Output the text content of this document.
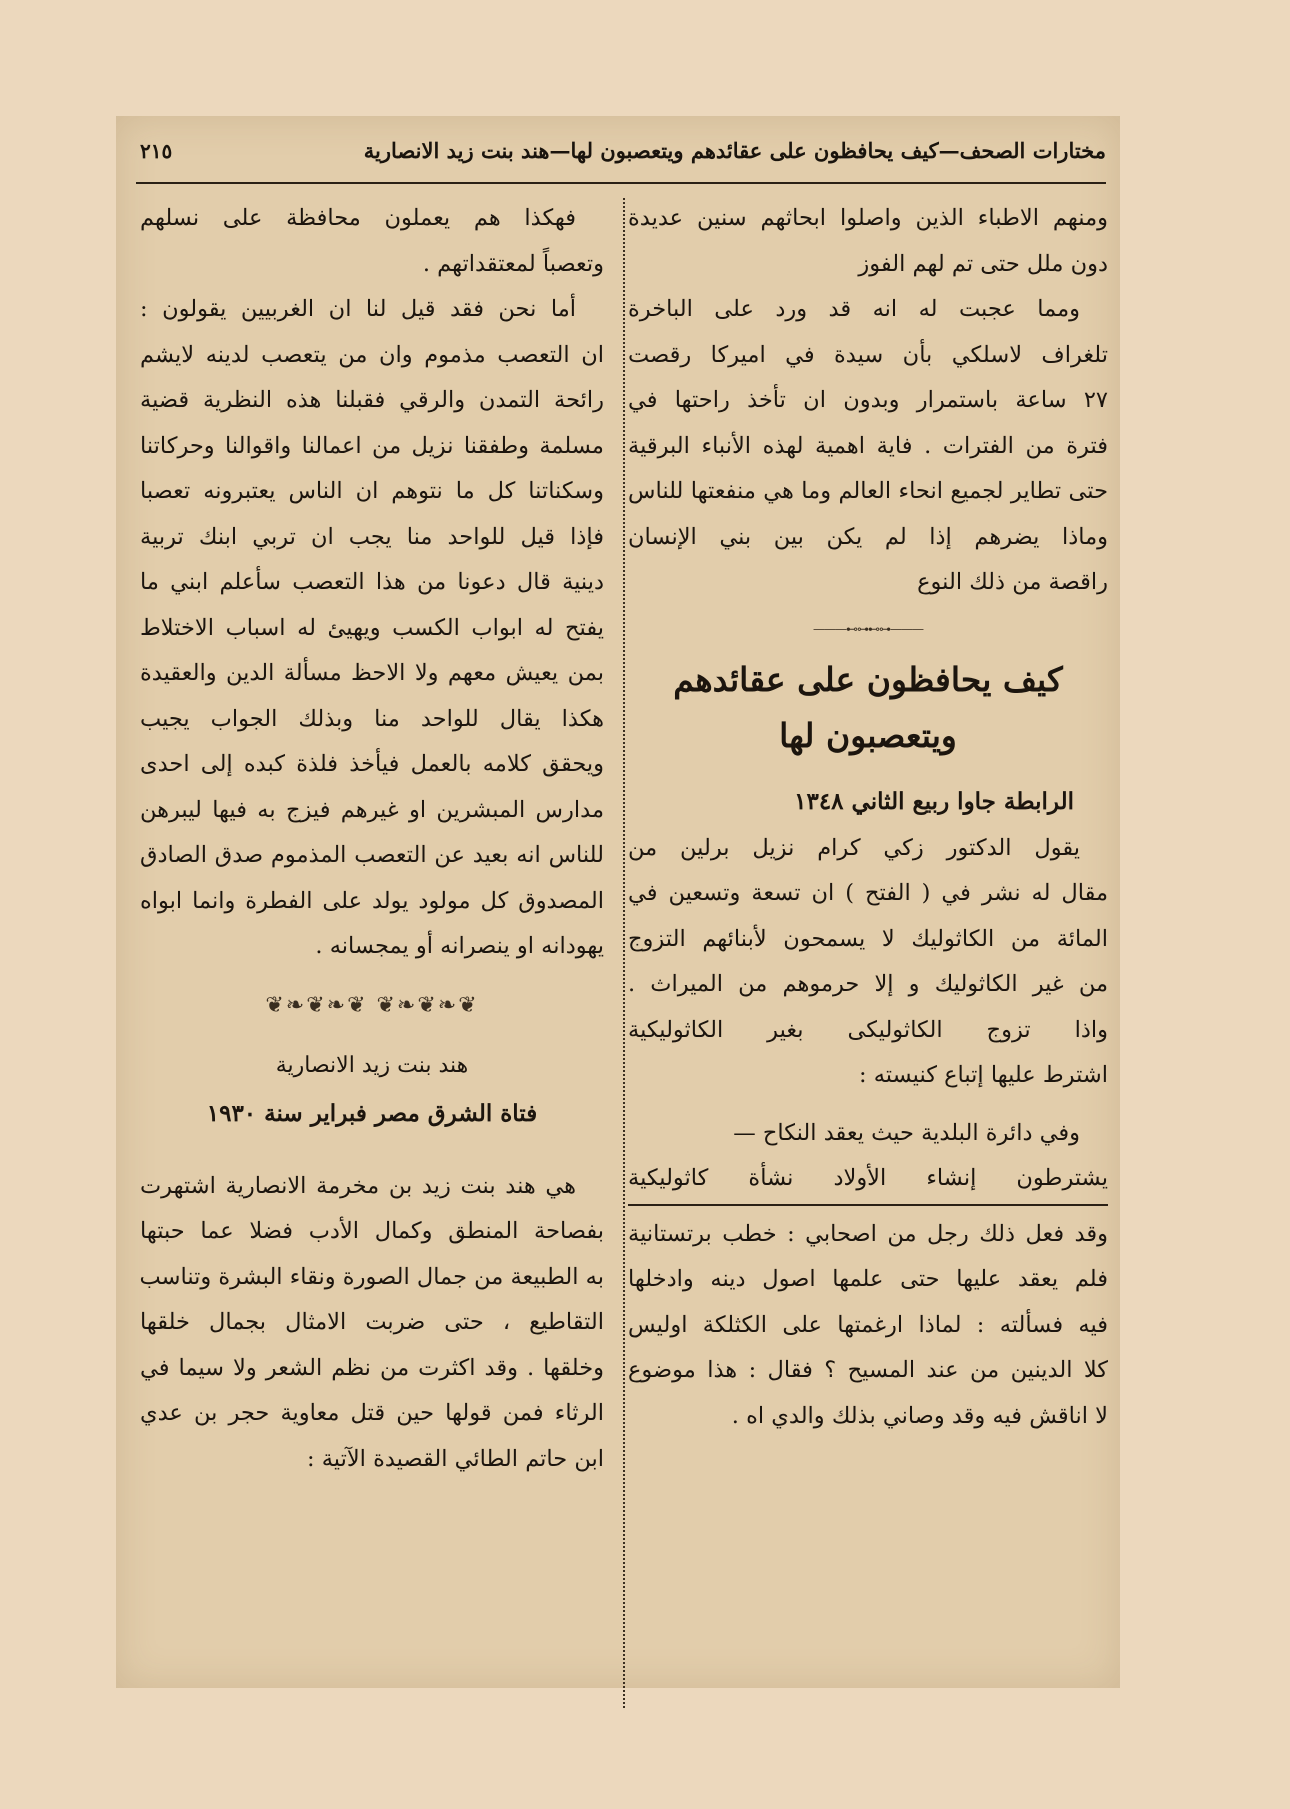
مختارات الصحف—كيف يحافظون على عقائدهم ويتعصبون لها—هند بنت زيد الانصارية
٢١٥
ومنهم الاطباء الذين واصلوا ابحاثهم سنين عديدة
دون ملل حتى تم لهم الفوز
ومما عجبت له انه قد ورد على الباخرة
تلغراف لاسلكي بأن سيدة في اميركا رقصت
٢٧ ساعة باستمرار وبدون ان تأخذ راحتها في
فترة من الفترات . فاية اهمية لهذه الأنباء البرقية
حتى تطاير لجميع انحاء العالم وما هي منفعتها للناس
وماذا يضرهم إذا لم يكن بين بني الإنسان
راقصة من ذلك النوع
———⊷⊶⊷⊶———
كيف يحافظون على عقائدهم
ويتعصبون لها
الرابطة جاوا ربيع الثاني ١٣٤٨
يقول الدكتور زكي كرام نزيل برلين من
مقال له نشر في ( الفتح ) ان تسعة وتسعين في
المائة من الكاثوليك لا يسمحون لأبنائهم التزوج
من غير الكاثوليك و إلا حرموهم من الميراث .
واذا تزوج الكاثوليكى بغير الكاثوليكية
اشترط عليها إتباع كنيسته :
وفي دائرة البلدية حيث يعقد النكاح —
يشترطون إنشاء الأولاد نشأة كاثوليكية
وقد فعل ذلك رجل من اصحابي : خطب برتستانية
فلم يعقد عليها حتى علمها اصول دينه وادخلها
فيه فسألته : لماذا ارغمتها على الكثلكة اوليس
كلا الدينين من عند المسيح ؟ فقال : هذا موضوع
لا اناقش فيه وقد وصاني بذلك والدي اه .
فهكذا هم يعملون محافظة على نسلهم
وتعصباً لمعتقداتهم .
أما نحن فقد قيل لنا ان الغربيين يقولون :
ان التعصب مذموم وان من يتعصب لدينه لايشم
رائحة التمدن والرقي فقبلنا هذه النظرية قضية
مسلمة وطفقنا نزيل من اعمالنا واقوالنا وحركاتنا
وسكناتنا كل ما نتوهم ان الناس يعتبرونه تعصبا
فإذا قيل للواحد منا يجب ان تربي ابنك تربية
دينية قال دعونا من هذا التعصب سأعلم ابني ما
يفتح له ابواب الكسب ويهيئ له اسباب الاختلاط
بمن يعيش معهم ولا الاحظ مسألة الدين والعقيدة
هكذا يقال للواحد منا وبذلك الجواب يجيب
ويحقق كلامه بالعمل فيأخذ فلذة كبده إلى احدى
مدارس المبشرين او غيرهم فيزج به فيها ليبرهن
للناس انه بعيد عن التعصب المذموم صدق الصادق
المصدوق كل مولود يولد على الفطرة وانما ابواه
يهودانه او ينصرانه أو يمجسانه .
❦❧❦❧❦ ❦❧❦❧❦
هند بنت زيد الانصارية
فتاة الشرق مصر فبراير سنة ١٩٣٠
هي هند بنت زيد بن مخرمة الانصارية اشتهرت
بفصاحة المنطق وكمال الأدب فضلا عما حبتها
به الطبيعة من جمال الصورة ونقاء البشرة وتناسب
التقاطيع ، حتى ضربت الامثال بجمال خلقها
وخلقها . وقد اكثرت من نظم الشعر ولا سيما في
الرثاء فمن قولها حين قتل معاوية حجر بن عدي
ابن حاتم الطائي القصيدة الآتية :
